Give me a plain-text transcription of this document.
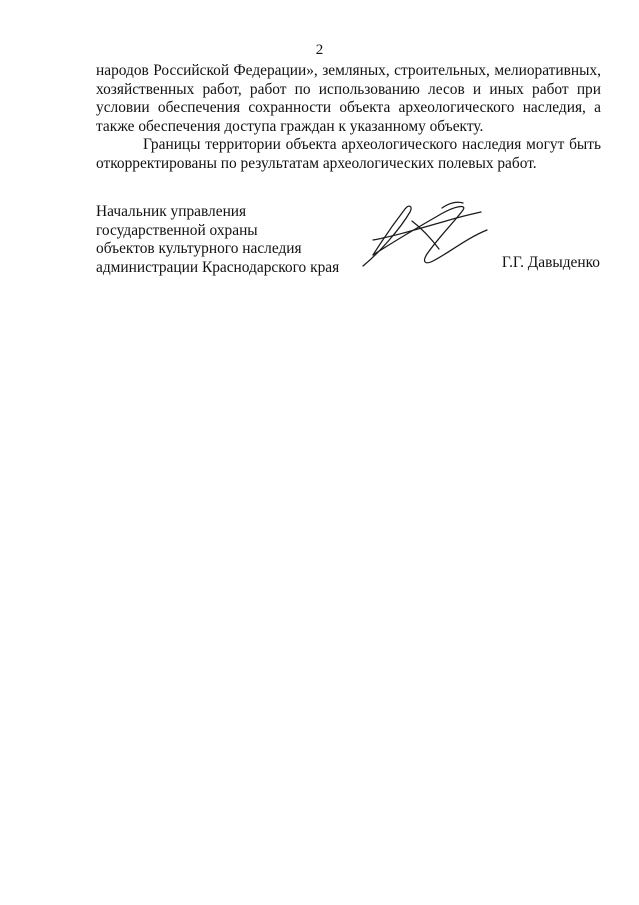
2

народов Российской Федерации», земляных, строительных, мелиоративных, хозяйственных работ, работ по использованию лесов и иных работ при условии обеспечения сохранности объекта археологического наследия, а также обеспечения доступа граждан к указанному объекту.

Границы территории объекта археологического наследия могут быть откорректированы по результатам археологических полевых работ.

Начальник управления
государственной охраны
объектов культурного наследия
администрации Краснодарского края	Г.Г. Давыденко
